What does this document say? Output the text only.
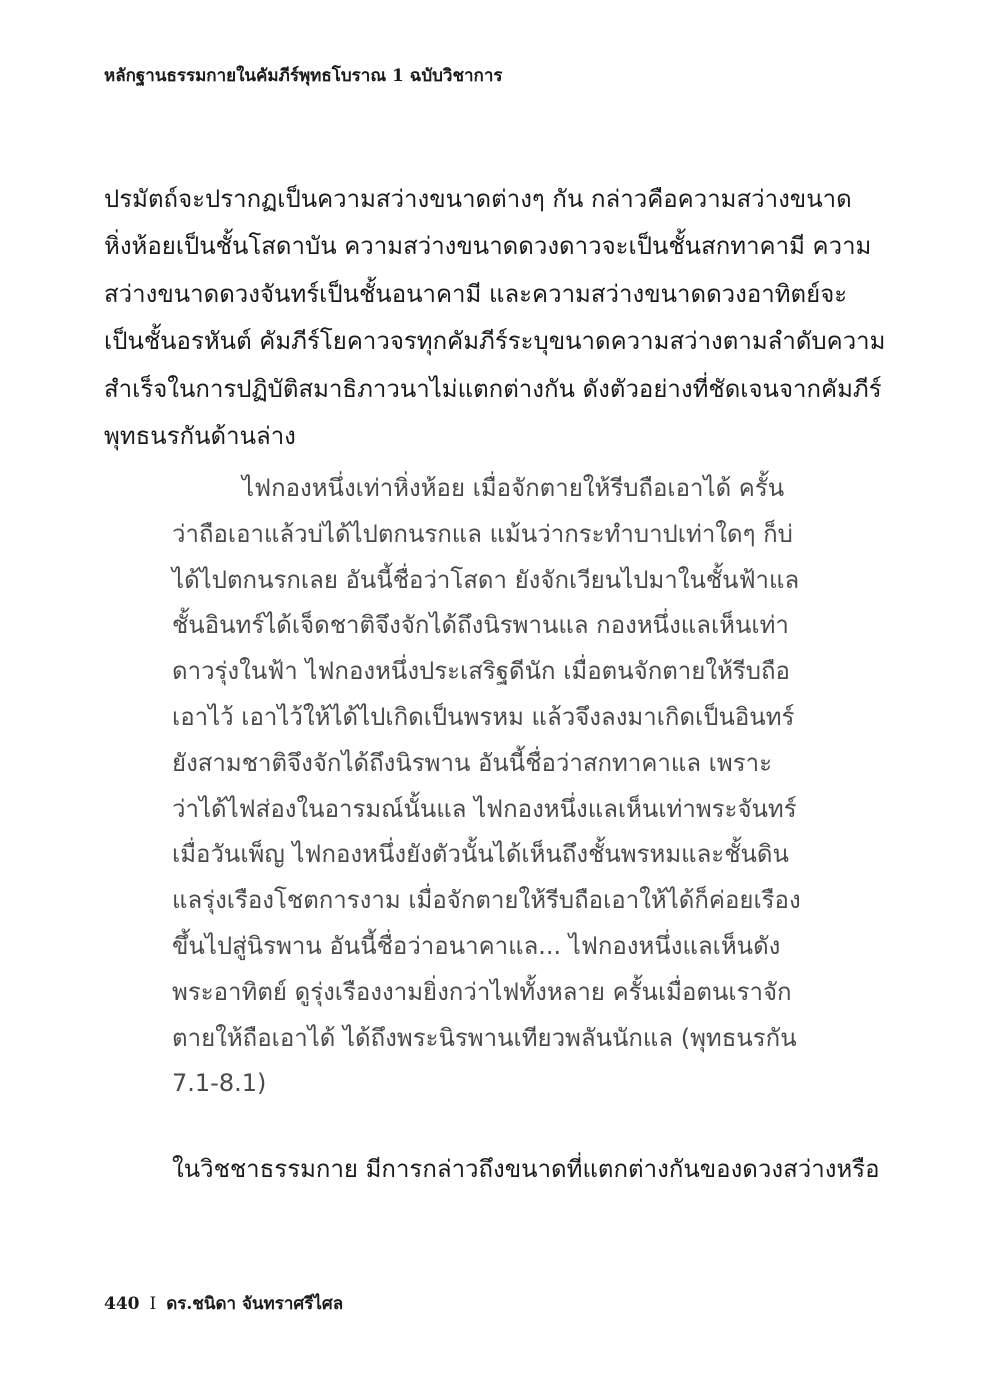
หลักฐานธรรมกายในคัมภีร์พุทธโบราณ 1 ฉบับวิชาการ
ปรมัตถ์จะปรากฏเป็นความสว่างขนาดต่างๆ กัน กล่าวคือความสว่างขนาด
หิ่งห้อยเป็นชั้นโสดาบัน ความสว่างขนาดดวงดาวจะเป็นชั้นสกทาคามี ความ
สว่างขนาดดวงจันทร์เป็นชั้นอนาคามี และความสว่างขนาดดวงอาทิตย์จะ
เป็นชั้นอรหันต์ คัมภีร์โยคาวจรทุกคัมภีร์ระบุขนาดความสว่างตามลำดับความ
สำเร็จในการปฏิบัติสมาธิภาวนาไม่แตกต่างกัน ดังตัวอย่างที่ชัดเจนจากคัมภีร์
พุทธนรกันด้านล่าง
ไฟกองหนึ่งเท่าหิ่งห้อย เมื่อจักตายให้รีบถือเอาได้ ครั้น
ว่าถือเอาแล้วบ่ได้ไปตกนรกแล แม้นว่ากระทำบาปเท่าใดๆ ก็บ่
ได้ไปตกนรกเลย อันนี้ชื่อว่าโสดา ยังจักเวียนไปมาในชั้นฟ้าแล
ชั้นอินทร์ได้เจ็ดชาติจึงจักได้ถึงนิรพานแล กองหนึ่งแลเห็นเท่า
ดาวรุ่งในฟ้า ไฟกองหนึ่งประเสริฐดีนัก เมื่อตนจักตายให้รีบถือ
เอาไว้ เอาไว้ให้ได้ไปเกิดเป็นพรหม แล้วจึงลงมาเกิดเป็นอินทร์
ยังสามชาติจึงจักได้ถึงนิรพาน อันนี้ชื่อว่าสกทาคาแล เพราะ
ว่าได้ไฟส่องในอารมณ์นั้นแล ไฟกองหนึ่งแลเห็นเท่าพระจันทร์
เมื่อวันเพ็ญ ไฟกองหนึ่งยังตัวนั้นได้เห็นถึงชั้นพรหมและชั้นดิน
แลรุ่งเรืองโชตการงาม เมื่อจักตายให้รีบถือเอาให้ได้ก็ค่อยเรือง
ขึ้นไปสู่นิรพาน อันนี้ชื่อว่าอนาคาแล... ไฟกองหนึ่งแลเห็นดัง
พระอาทิตย์ ดูรุ่งเรืองงามยิ่งกว่าไฟทั้งหลาย ครั้นเมื่อตนเราจัก
ตายให้ถือเอาได้ ได้ถึงพระนิรพานเทียวพลันนักแล (พุทธนรกัน
7.1-8.1)
ในวิชชาธรรมกาย มีการกล่าวถึงขนาดที่แตกต่างกันของดวงสว่างหรือ
440 I ดร.ชนิดา จันทราศรีไศล
